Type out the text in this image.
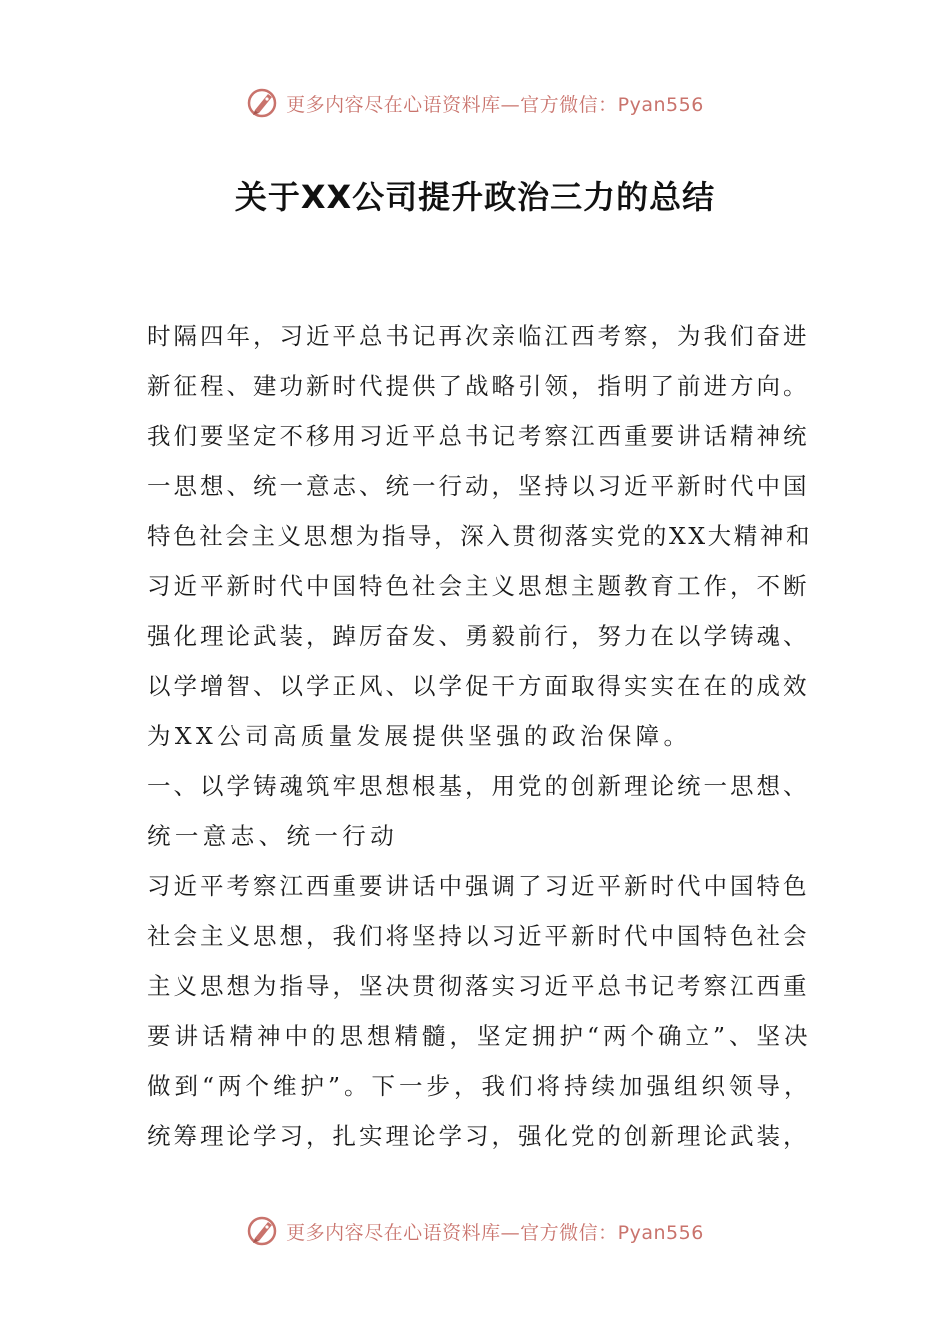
更多内容尽在心语资料库—官方微信：Pyan556
关于XX公司提升政治三力的总结
时隔四年，习近平总书记再次亲临江西考察，为我们奋进
新征程、建功新时代提供了战略引领，指明了前进方向。
我们要坚定不移用习近平总书记考察江西重要讲话精神统
一思想、统一意志、统一行动，坚持以习近平新时代中国
特色社会主义思想为指导，深入贯彻落实党的XX大精神和
习近平新时代中国特色社会主义思想主题教育工作，不断
强化理论武装，踔厉奋发、勇毅前行，努力在以学铸魂、
以学增智、以学正风、以学促干方面取得实实在在的成效
为XX公司高质量发展提供坚强的政治保障。
一、以学铸魂筑牢思想根基，用党的创新理论统一思想、
统一意志、统一行动
习近平考察江西重要讲话中强调了习近平新时代中国特色
社会主义思想，我们将坚持以习近平新时代中国特色社会
主义思想为指导，坚决贯彻落实习近平总书记考察江西重
要讲话精神中的思想精髓，坚定拥护“两个确立”、坚决
做到“两个维护”。下一步，我们将持续加强组织领导，
统筹理论学习，扎实理论学习，强化党的创新理论武装，
更多内容尽在心语资料库—官方微信：Pyan556
